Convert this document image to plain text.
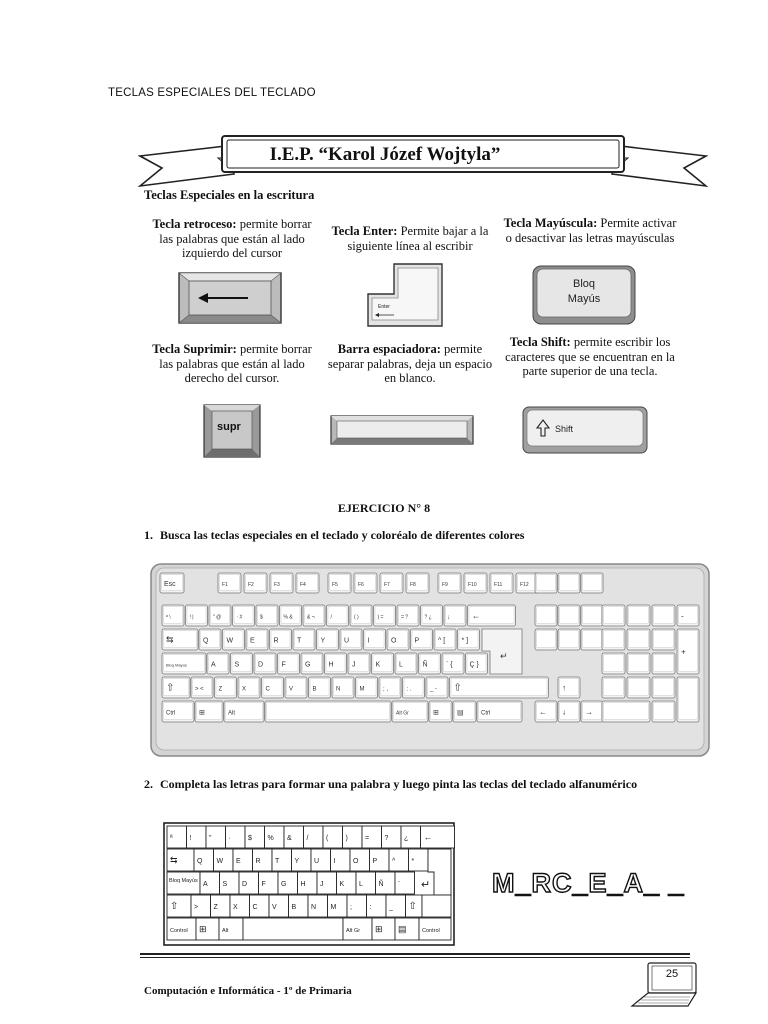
TECLAS ESPECIALES DEL TECLADO
I.E.P. “Karol Józef Wojtyla”
Teclas Especiales en la escritura
Tecla retroceso: permite borrar las palabras que están al lado izquierdo del cursor
Tecla Enter: Permite bajar a la siguiente línea al escribir
Tecla Mayúscula: Permite activar o desactivar las letras mayúsculas
Enter
Bloq
Mayús
Tecla Suprimir: permite borrar las palabras que están al lado derecho del cursor.
Barra espaciadora: permite separar palabras, deja un espacio en blanco.
Tecla Shift: permite escribir los caracteres que se encuentran en la parte superior de una tecla.
supr	Shift
EJERCICIO N° 8
1. Busca las teclas especiales en el teclado y coloréalo de diferentes colores
Esc	F1	F2	F3	F4	F5	F6	F7	F8	F9	F10	F11	F12
ª \	! |	" @	· #	$	% &	& ¬	/	( )	) =	= ?	? ¿	¡ ←
⇆	Q	W E	R	T	Y	U	I	O	P	^ [ * ]
↵
Bloq Mayús	A	S	D	F	G	H	J	K	L	Ñ	¨ { Ç }
⇧	> < Z	X	C	V	B	N	M	; ,	: .	_ - ⇧
Ctrl	⊞	Alt	Alt Gr	⊞	▤	Ctrl
↑
← ↓ →
-
+
2. Completa las letras para formar una palabra y luego pinta las teclas del teclado alfanumérico
ª !	" · $ % & /	( ) = ? ¿ ←
⇆	Q W E R T Y U I	O P ^ *
↵
Bloq Mayús A S D F G H J K L Ñ ¨
⇧ > Z X C V B N M ;	:	_ ⇧
Control ⊞	Alt	Alt Gr ⊞ ▤	Control
M_RC_E_A_ _
Computación e Informática - 1º de Primaria
25
